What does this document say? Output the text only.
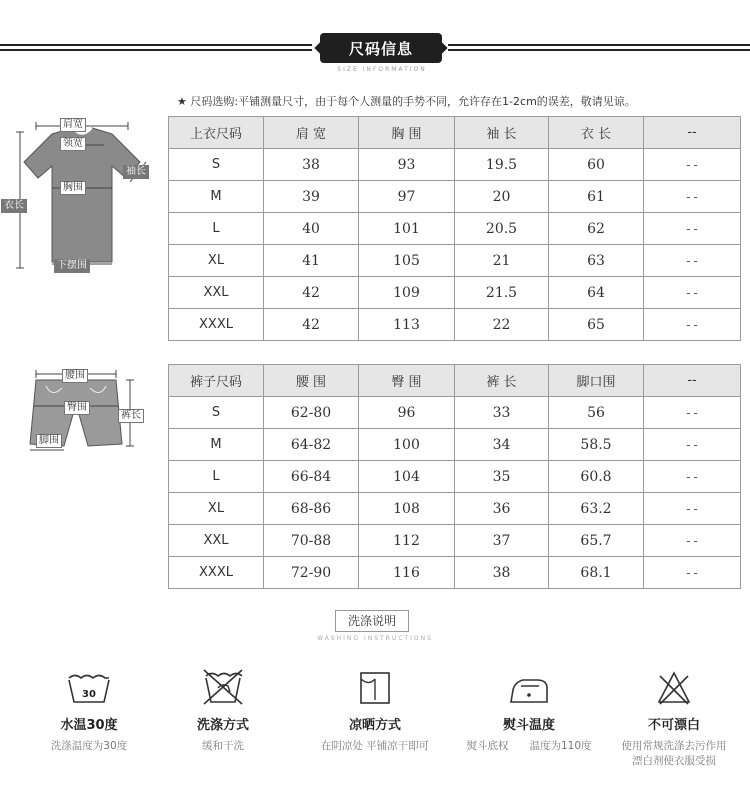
尺码信息
SIZE INFORMATION
★ 尺码选购:平铺测量尺寸，由于每个人测量的手势不同，允许存在1-2cm的误差，敬请见谅。
肩宽
领宽
袖长
胸围
衣长
下摆围
上衣尺码	肩 宽	胸 围	袖 长	衣 长	--
S	38	93	19.5	60	--
M	39	97	20	61	--
L	40	101	20.5	62	--
XL	41	105	21	63	--
XXL	42	109	21.5	64	--
XXXL	42	113	22	65	--
腰围
臀围
裤长
脚围
裤子尺码	腰 围	臀 围	裤 长	脚口围	--
S	62-80	96	33	56	--
M	64-82	100	34	58.5	--
L	66-84	104	35	60.8	--
XL	68-86	108	36	63.2	--
XXL	70-88	112	37	65.7	--
XXXL	72-90	116	38	68.1	--
洗涤说明
WASHING INSTRUCTIONS
30
水温30度
洗涤温度为30度
洗涤方式
缓和干洗
凉晒方式
在阴凉处 平铺凉干即可
熨斗温度
熨斗底权　　温度为110度
不可漂白
使用常规洗涤去污作用
漂白剂使衣服受损
